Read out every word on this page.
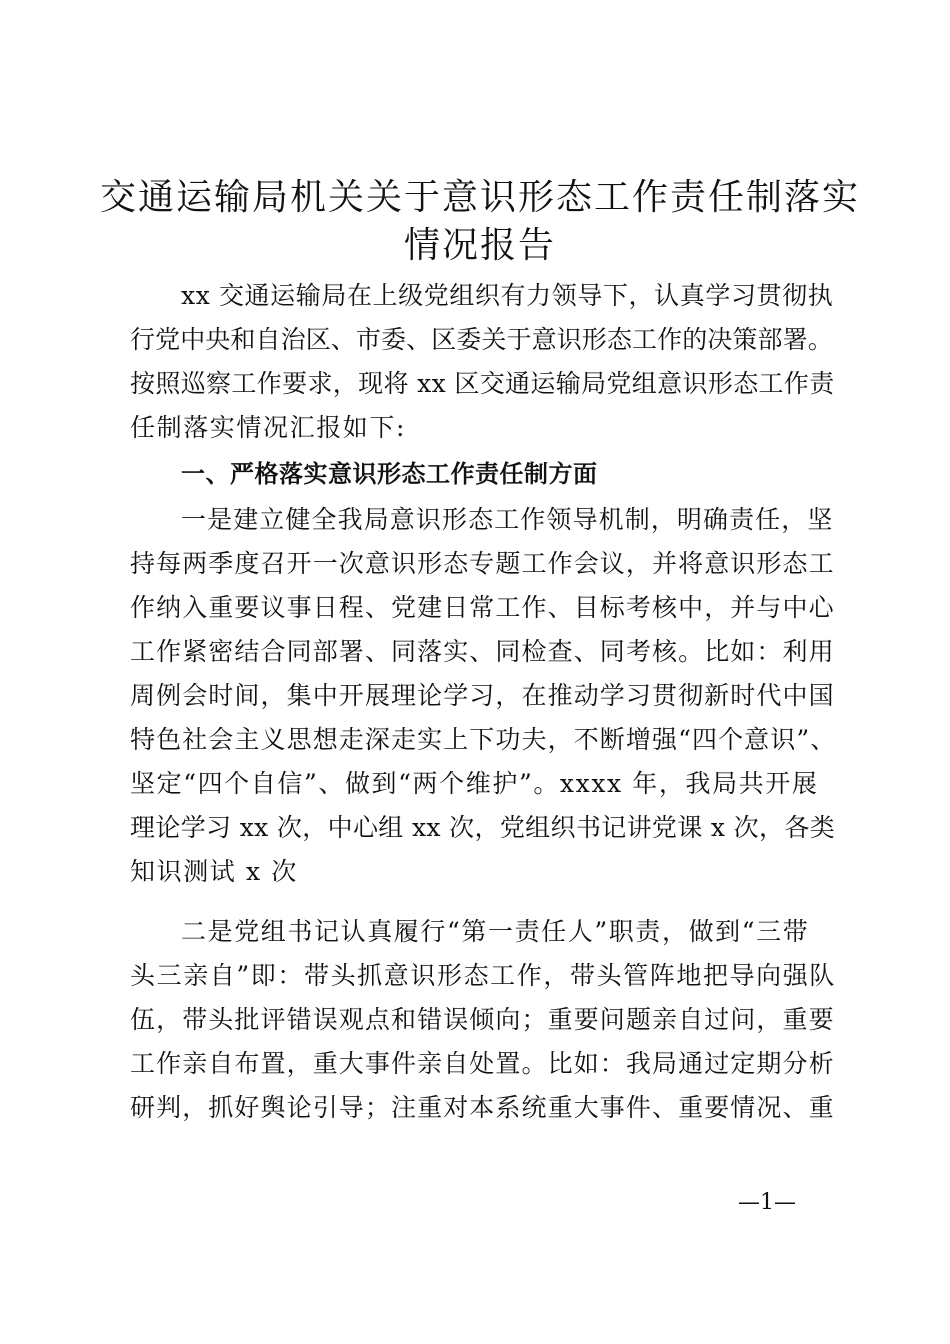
交通运输局机关关于意识形态工作责任制落实
情况报告

xx 交通运输局在上级党组织有力领导下，认真学习贯彻执

行党中央和自治区、市委、区委关于意识形态工作的决策部署。

按照巡察工作要求，现将 xx 区交通运输局党组意识形态工作责

任制落实情况汇报如下:

一、严格落实意识形态工作责任制方面

一是建立健全我局意识形态工作领导机制，明确责任，坚

持每两季度召开一次意识形态专题工作会议，并将意识形态工

作纳入重要议事日程、党建日常工作、目标考核中，并与中心

工作紧密结合同部署、同落实、同检查、同考核。比如：利用

周例会时间，集中开展理论学习，在推动学习贯彻新时代中国

特色社会主义思想走深走实上下功夫，不断增强“四个意识”、

坚定“四个自信”、做到“两个维护”。xxxx 年，我局共开展

理论学习 xx 次，中心组 xx 次，党组织书记讲党课 x 次，各类

知识测试 x 次

二是党组书记认真履行“第一责任人”职责，做到“三带

头三亲自”即：带头抓意识形态工作，带头管阵地把导向强队

伍，带头批评错误观点和错误倾向；重要问题亲自过问，重要

工作亲自布置，重大事件亲自处置。比如：我局通过定期分析

研判，抓好舆论引导；注重对本系统重大事件、重要情况、重

—1—
